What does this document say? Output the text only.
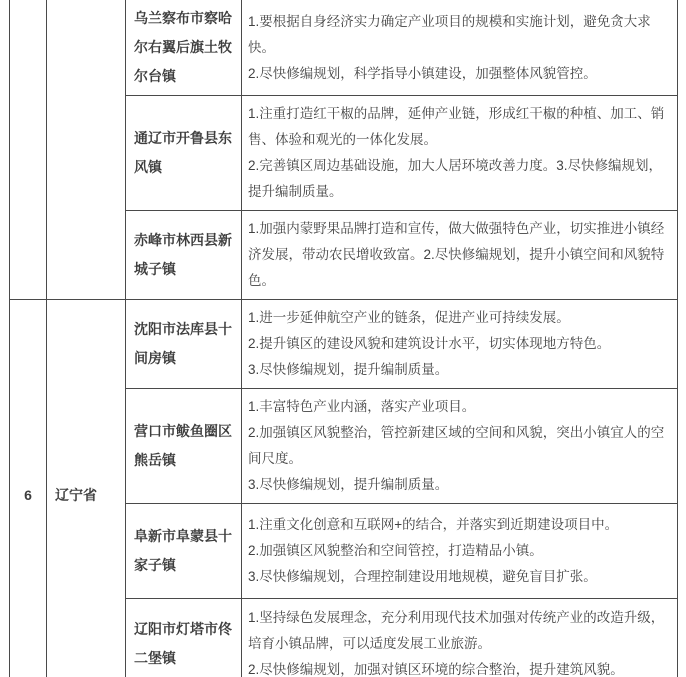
		乌兰察布市察哈尔右翼后旗土牧尔台镇	1.要根据自身经济实力确定产业项目的规模和实施计划，避免贪大求快。

2.尽快修编规划，科学指导小镇建设，加强整体风貌管控。

		通辽市开鲁县东风镇	1.注重打造红干椒的品牌，延伸产业链，形成红干椒的种植、加工、销售、体验和观光的一体化发展。

2.完善镇区周边基础设施，加大人居环境改善力度。3.尽快修编规划，提升编制质量。

		赤峰市林西县新城子镇	1.加强内蒙野果品牌打造和宣传，做大做强特色产业，切实推进小镇经济发展，带动农民增收致富。2.尽快修编规划，提升小镇空间和风貌特色。

6	辽宁省	沈阳市法库县十间房镇	1.进一步延伸航空产业的链条，促进产业可持续发展。

2.提升镇区的建设风貌和建筑设计水平，切实体现地方特色。

3.尽快修编规划，提升编制质量。

		营口市鲅鱼圈区熊岳镇	1.丰富特色产业内涵，落实产业项目。

2.加强镇区风貌整治，管控新建区域的空间和风貌，突出小镇宜人的空间尺度。

3.尽快修编规划，提升编制质量。

		阜新市阜蒙县十家子镇	1.注重文化创意和互联网+的结合，并落实到近期建设项目中。

2.加强镇区风貌整治和空间管控，打造精品小镇。

3.尽快修编规划，合理控制建设用地规模，避免盲目扩张。

		辽阳市灯塔市佟二堡镇	1.坚持绿色发展理念，充分利用现代技术加强对传统产业的改造升级，培育小镇品牌，可以适度发展工业旅游。

2.尽快修编规划，加强对镇区环境的综合整治，提升建筑风貌。
